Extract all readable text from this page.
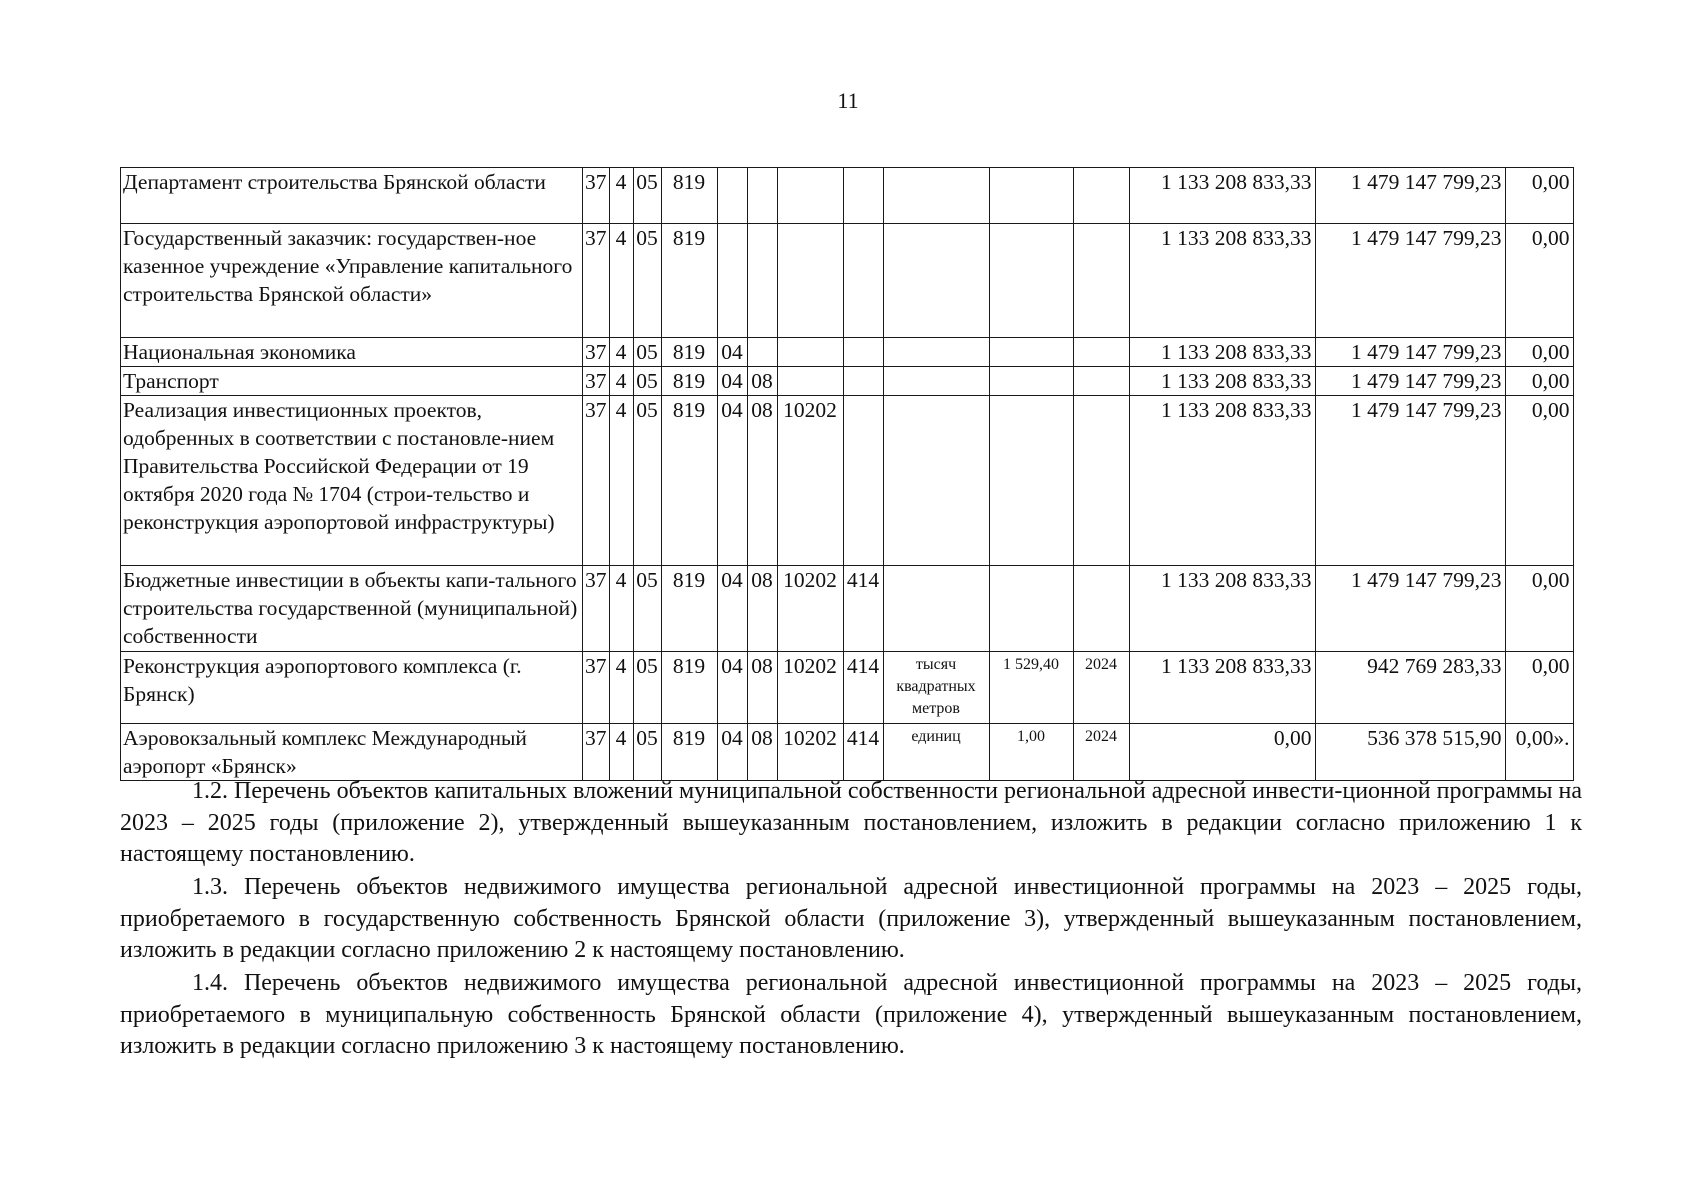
11
Департамент строительства Брянской области	37	4	05	819								1 133 208 833,33	1 479 147 799,23	0,00
Государственный заказчик: государствен-ное казенное учреждение «Управление капитального строительства Брянской области»	37	4	05	819								1 133 208 833,33	1 479 147 799,23	0,00
Национальная экономика	37	4	05	819	04							1 133 208 833,33	1 479 147 799,23	0,00
Транспорт	37	4	05	819	04	08						1 133 208 833,33	1 479 147 799,23	0,00
Реализация инвестиционных проектов, одобренных в соответствии с постановле-нием Правительства Российской Федерации от 19 октября 2020 года № 1704 (строи-тельство и реконструкция аэропортовой инфраструктуры)	37	4	05	819	04	08	10202					1 133 208 833,33	1 479 147 799,23	0,00
Бюджетные инвестиции в объекты капи-тального строительства государственной (муниципальной) собственности	37	4	05	819	04	08	10202	414				1 133 208 833,33	1 479 147 799,23	0,00
Реконструкция аэропортового комплекса (г. Брянск)	37	4	05	819	04	08	10202	414	тысяч квадратных метров	1 529,40	2024	1 133 208 833,33	942 769 283,33	0,00
Аэровокзальный комплекс Международный аэропорт «Брянск»	37	4	05	819	04	08	10202	414	единиц	1,00	2024	0,00	536 378 515,90	0,00».

1.2. Перечень объектов капитальных вложений муниципальной собственности региональной адресной инвести-ционной программы на 2023 – 2025 годы (приложение 2), утвержденный вышеуказанным постановлением, изложить в редакции согласно приложению 1 к настоящему постановлению.

1.3. Перечень объектов недвижимого имущества региональной адресной инвестиционной программы на 2023 – 2025 годы, приобретаемого в государственную собственность Брянской области (приложение 3), утвержденный вышеуказанным постановлением, изложить в редакции согласно приложению 2 к настоящему постановлению.

1.4. Перечень объектов недвижимого имущества региональной адресной инвестиционной программы на 2023 – 2025 годы, приобретаемого в муниципальную собственность Брянской области (приложение 4), утвержденный вышеуказанным постановлением, изложить в редакции согласно приложению 3 к настоящему постановлению.
